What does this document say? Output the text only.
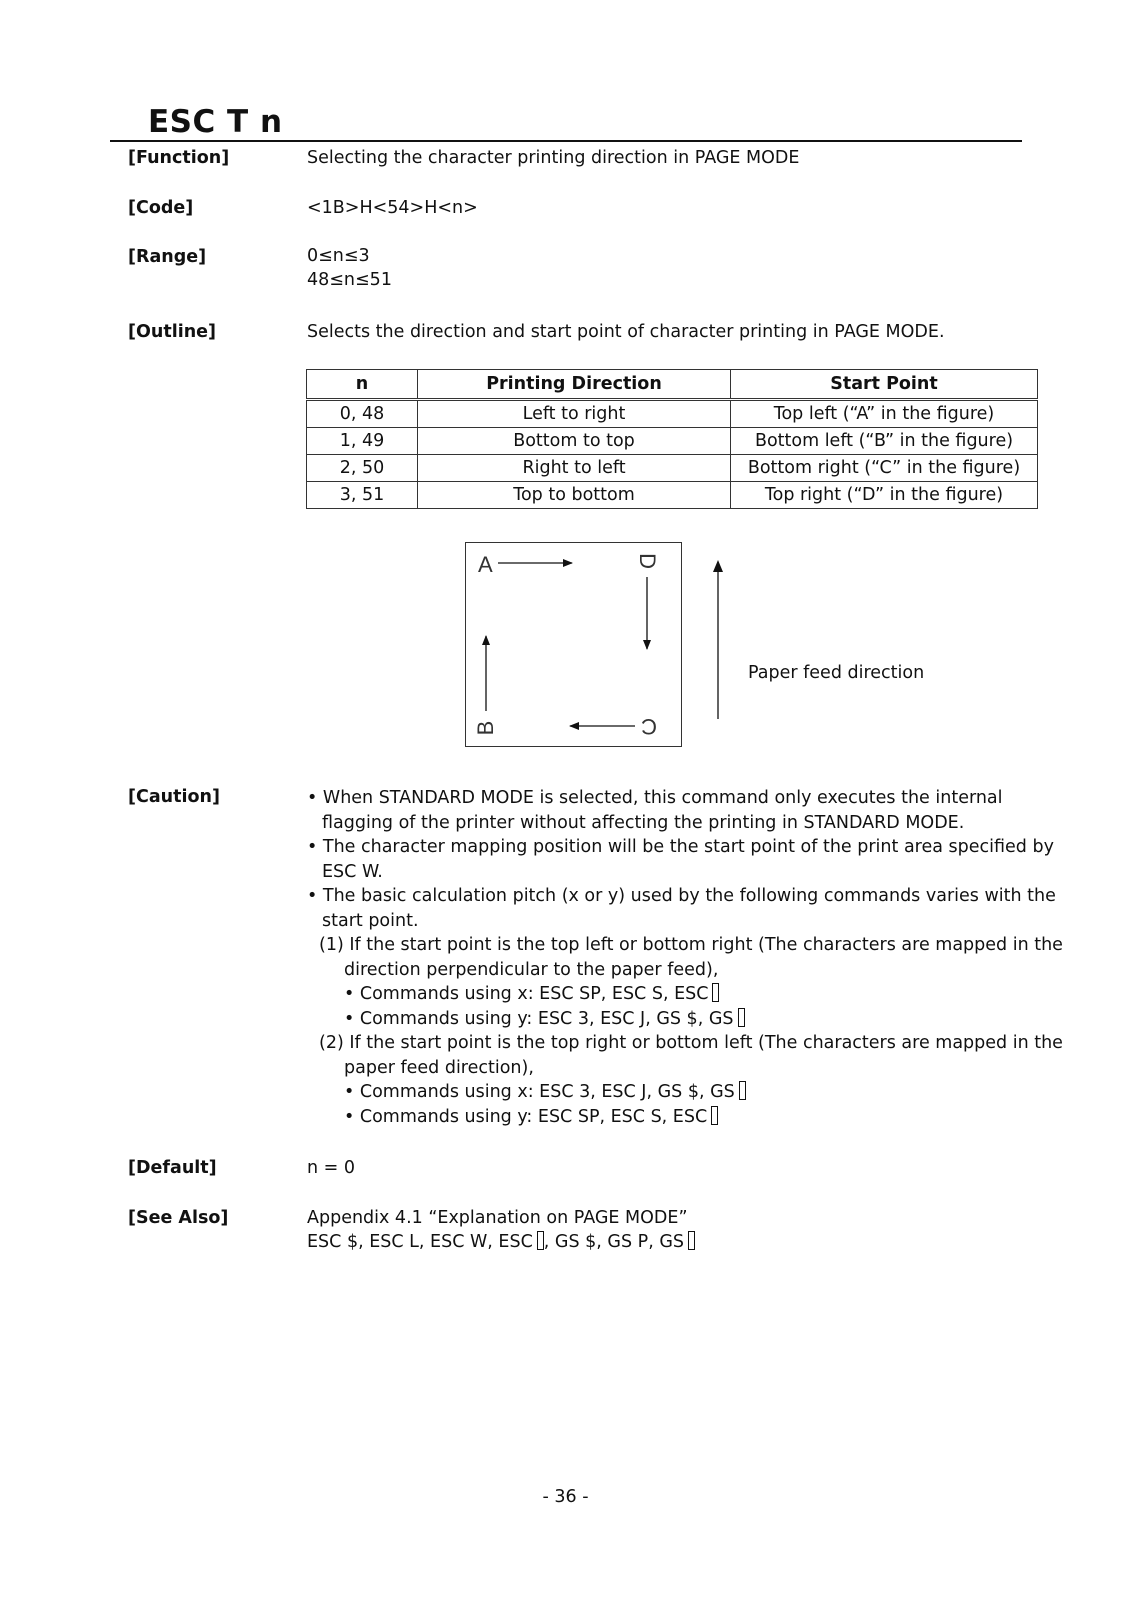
ESC T n
[Function]	Selecting the character printing direction in PAGE MODE
[Code]	<1B>H<54>H<n>
[Range]	0≤n≤3
48≤n≤51
[Outline]	Selects the direction and start point of character printing in PAGE MODE.
n	Printing Direction	Start Point
0, 48	Left to right	Top left (“A” in the figure)
1, 49	Bottom to top	Bottom left (“B” in the figure)
2, 50	Right to left	Bottom right (“C” in the figure)
3, 51	Top to bottom	Top right (“D” in the figure)
A	D
B	C
Paper feed direction
[Caution]	• When STANDARD MODE is selected, this command only executes the internal
flagging of the printer without affecting the printing in STANDARD MODE.
• The character mapping position will be the start point of the print area specified by
ESC W.
• The basic calculation pitch (x or y) used by the following commands varies with the
start point.
(1) If the start point is the top left or bottom right (The characters are mapped in the
direction perpendicular to the paper feed),
• Commands using x: ESC SP, ESC S, ESC
• Commands using y: ESC 3, ESC J, GS $, GS
(2) If the start point is the top right or bottom left (The characters are mapped in the
paper feed direction),
• Commands using x: ESC 3, ESC J, GS $, GS
• Commands using y: ESC SP, ESC S, ESC
[Default]	n = 0
[See Also]	Appendix 4.1 “Explanation on PAGE MODE”
ESC $, ESC L, ESC W, ESC , GS $, GS P, GS
- 36 -
